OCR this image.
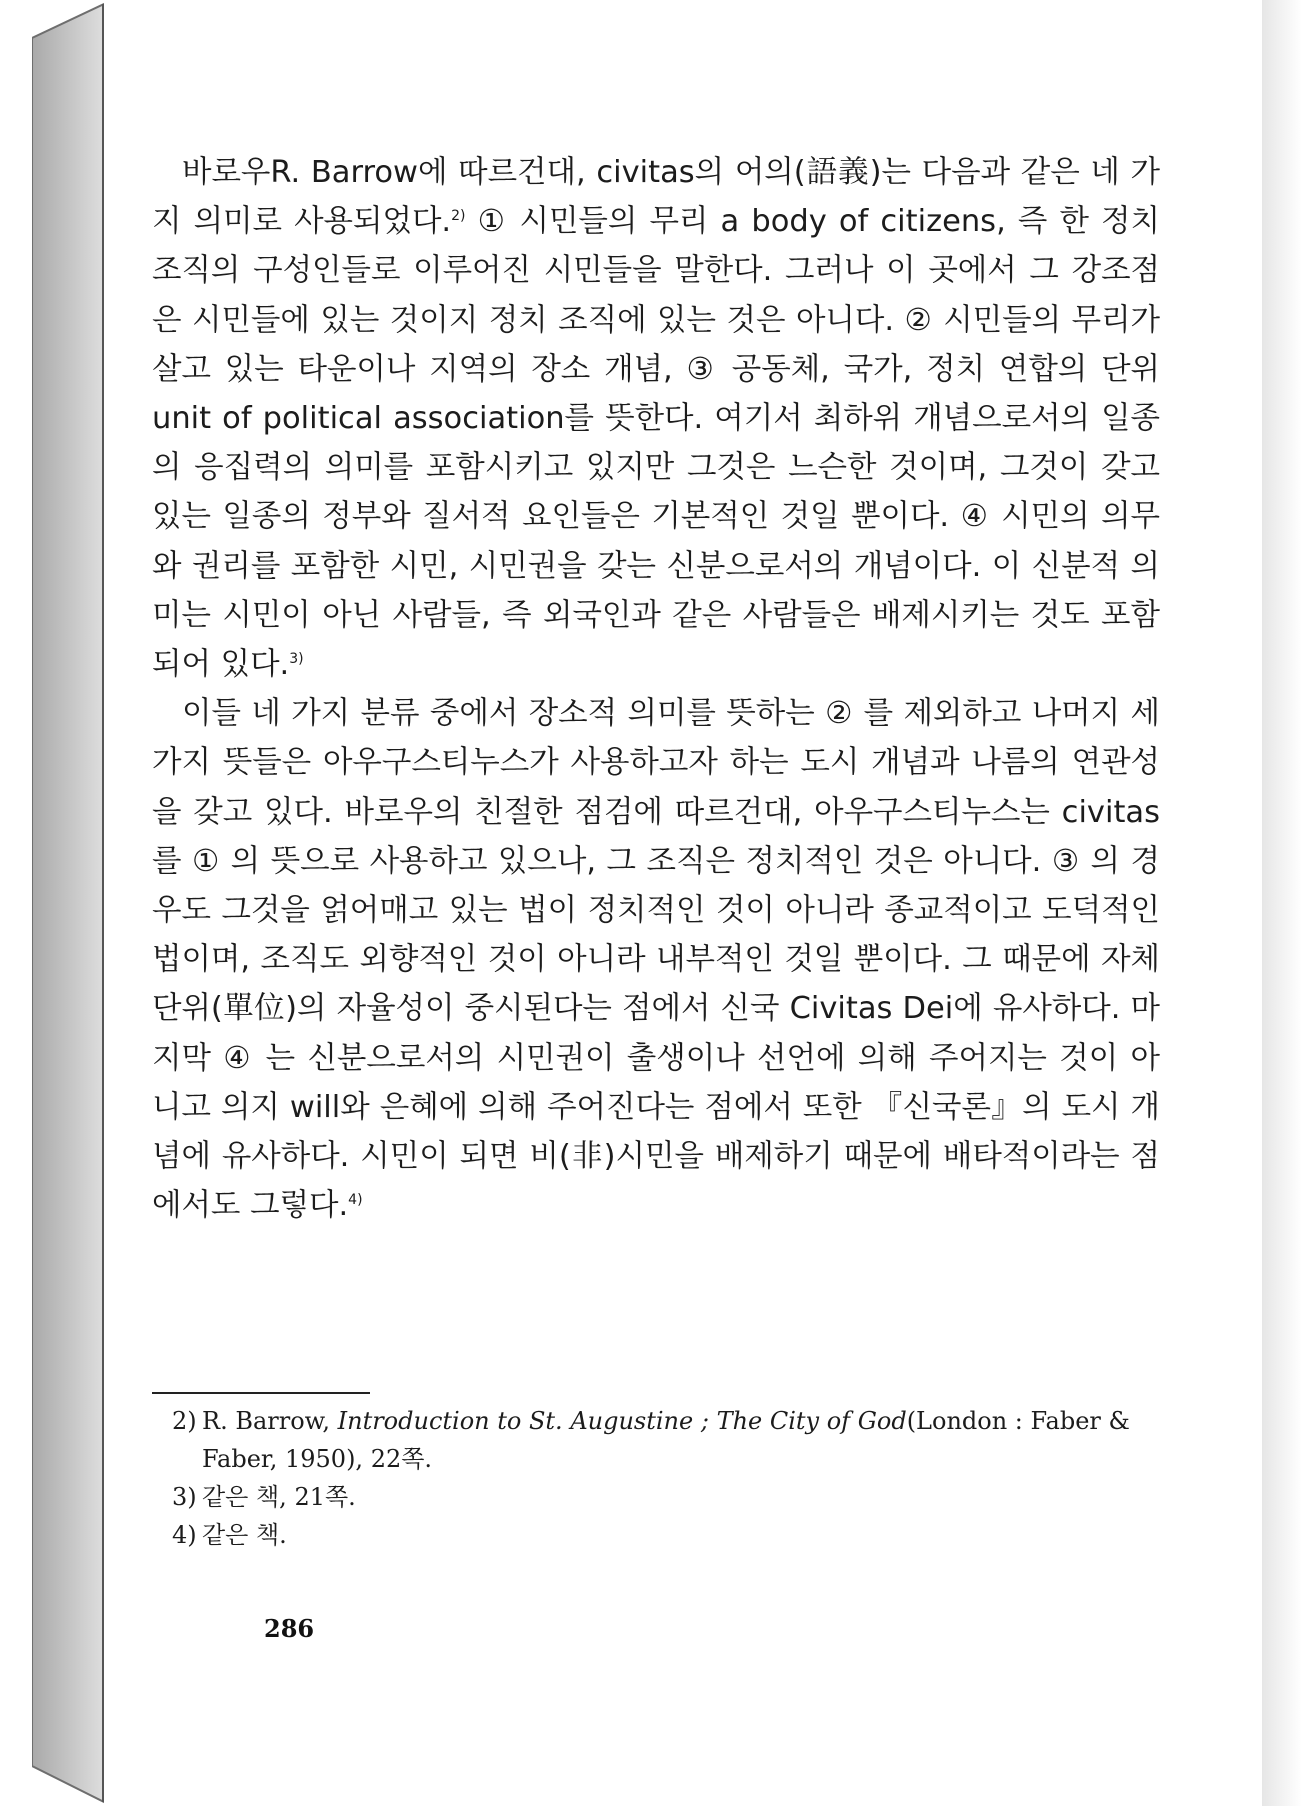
바로우R. Barrow에 따르건대, civitas의 어의(語義)는 다음과 같은 네 가지 의미로 사용되었다.$^{2)}$ ① 시민들의 무리 a body of citizens, 즉 한 정치 조직의 구성인들로 이루어진 시민들을 말한다. 그러나 이 곳에서 그 강조점은 시민들에 있는 것이지 정치 조직에 있는 것은 아니다. ② 시민들의 무리가 살고 있는 타운이나 지역의 장소 개념, ③ 공동체, 국가, 정치 연합의 단위 unit of political association를 뜻한다. 여기서 최하위 개념으로서의 일종의 응집력의 의미를 포함시키고 있지만 그것은 느슨한 것이며, 그것이 갖고 있는 일종의 정부와 질서적 요인들은 기본적인 것일 뿐이다. ④ 시민의 의무와 권리를 포함한 시민, 시민권을 갖는 신분으로서의 개념이다. 이 신분적 의미는 시민이 아닌 사람들, 즉 외국인과 같은 사람들은 배제시키는 것도 포함되어 있다.$^{3)}$

이들 네 가지 분류 중에서 장소적 의미를 뜻하는 ② 를 제외하고 나머지 세 가지 뜻들은 아우구스티누스가 사용하고자 하는 도시 개념과 나름의 연관성을 갖고 있다. 바로우의 친절한 점검에 따르건대, 아우구스티누스는 civitas를 ① 의 뜻으로 사용하고 있으나, 그 조직은 정치적인 것은 아니다. ③ 의 경우도 그것을 얽어매고 있는 법이 정치적인 것이 아니라 종교적이고 도덕적인 법이며, 조직도 외향적인 것이 아니라 내부적인 것일 뿐이다. 그 때문에 자체 단위(單位)의 자율성이 중시된다는 점에서 신국 Civitas Dei에 유사하다. 마지막 ④ 는 신분으로서의 시민권이 출생이나 선언에 의해 주어지는 것이 아니고 의지 will와 은혜에 의해 주어진다는 점에서 또한 『신국론』의 도시 개념에 유사하다. 시민이 되면 비(非)시민을 배제하기 때문에 배타적이라는 점에서도 그렇다.$^{4)}$

2) R. Barrow, Introduction to St. Augustine ; The City of God(London : Faber & Faber, 1950), 22쪽.

3) 같은 책, 21쪽.

4) 같은 책.

286
